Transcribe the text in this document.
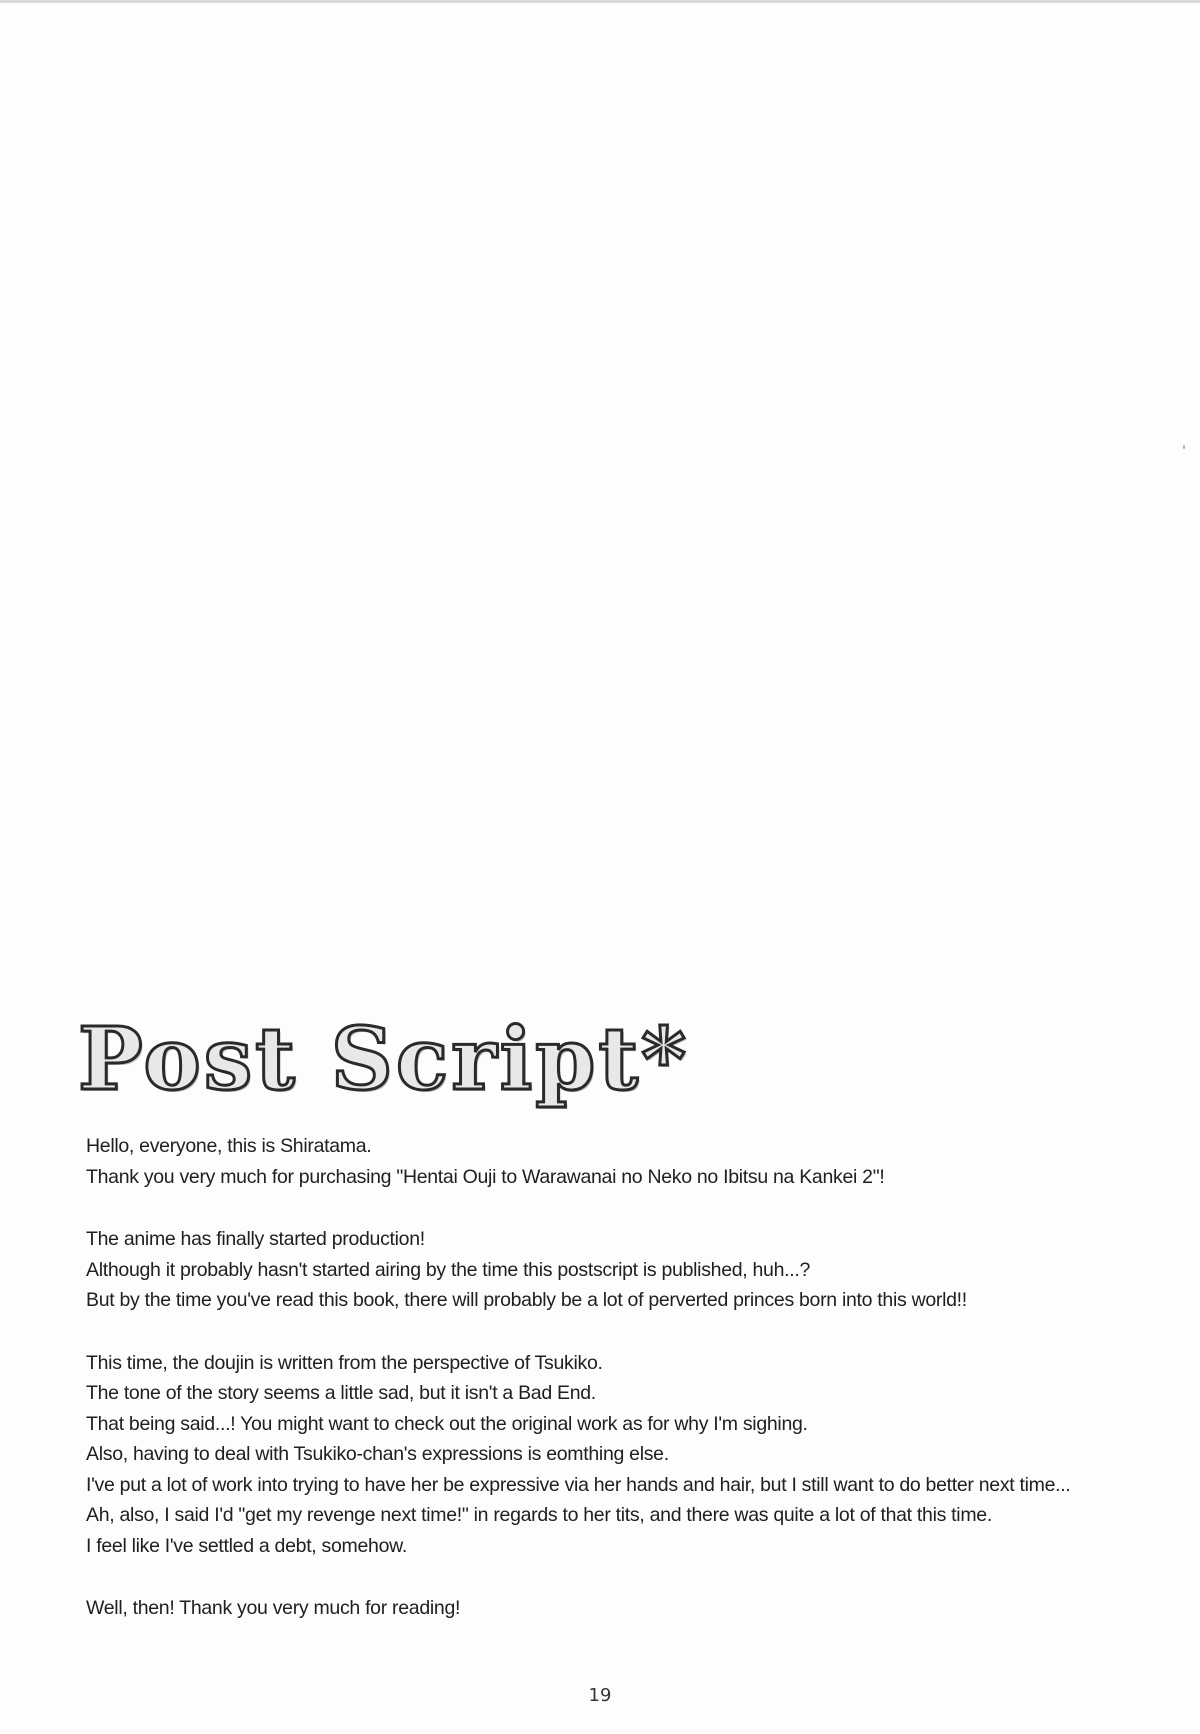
Post Script*
Hello, everyone, this is Shiratama.
Thank you very much for purchasing "Hentai Ouji to Warawanai no Neko no Ibitsu na Kankei 2"!
The anime has finally started production!
Although it probably hasn't started airing by the time this postscript is published, huh...?
But by the time you've read this book, there will probably be a lot of perverted princes born into this world!!
This time, the doujin is written from the perspective of Tsukiko.
The tone of the story seems a little sad, but it isn't a Bad End.
That being said...! You might want to check out the original work as for why I'm sighing.
Also, having to deal with Tsukiko-chan's expressions is eomthing else.
I've put a lot of work into trying to have her be expressive via her hands and hair, but I still want to do better next time...
Ah, also, I said I'd "get my revenge next time!" in regards to her tits, and there was quite a lot of that this time.
I feel like I've settled a debt, somehow.
Well, then! Thank you very much for reading!
19
